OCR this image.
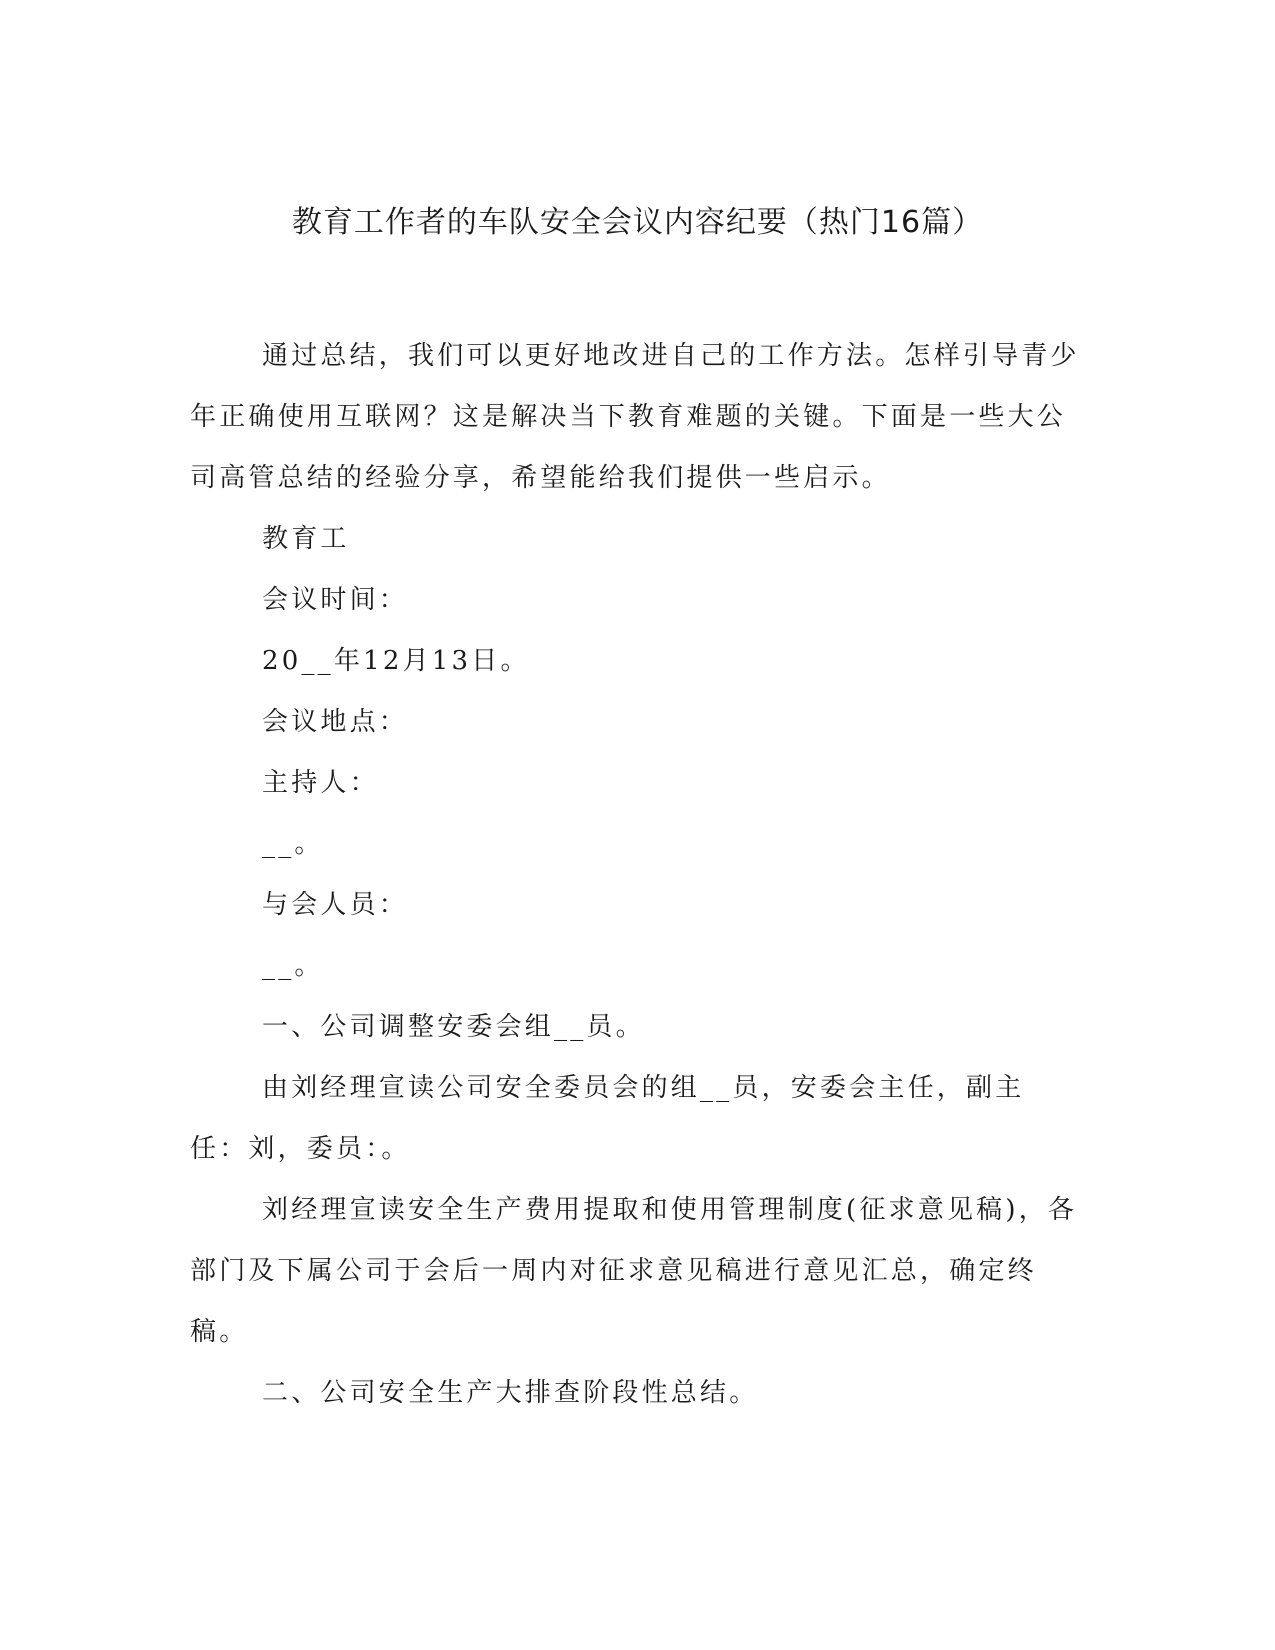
教育工作者的车队安全会议内容纪要（热门16篇）

通过总结，我们可以更好地改进自己的工作方法。怎样引导青少年正确使用互联网？这是解决当下教育难题的关键。下面是一些大公司高管总结的经验分享，希望能给我们提供一些启示。

教育工

会议时间：

20__年12月13日。

会议地点：

主持人：

__。

与会人员：

__。

一、公司调整安委会组__员。

由刘经理宣读公司安全委员会的组__员，安委会主任，副主任：刘，委员：。

刘经理宣读安全生产费用提取和使用管理制度(征求意见稿)，各部门及下属公司于会后一周内对征求意见稿进行意见汇总，确定终稿。

二、公司安全生产大排查阶段性总结。
